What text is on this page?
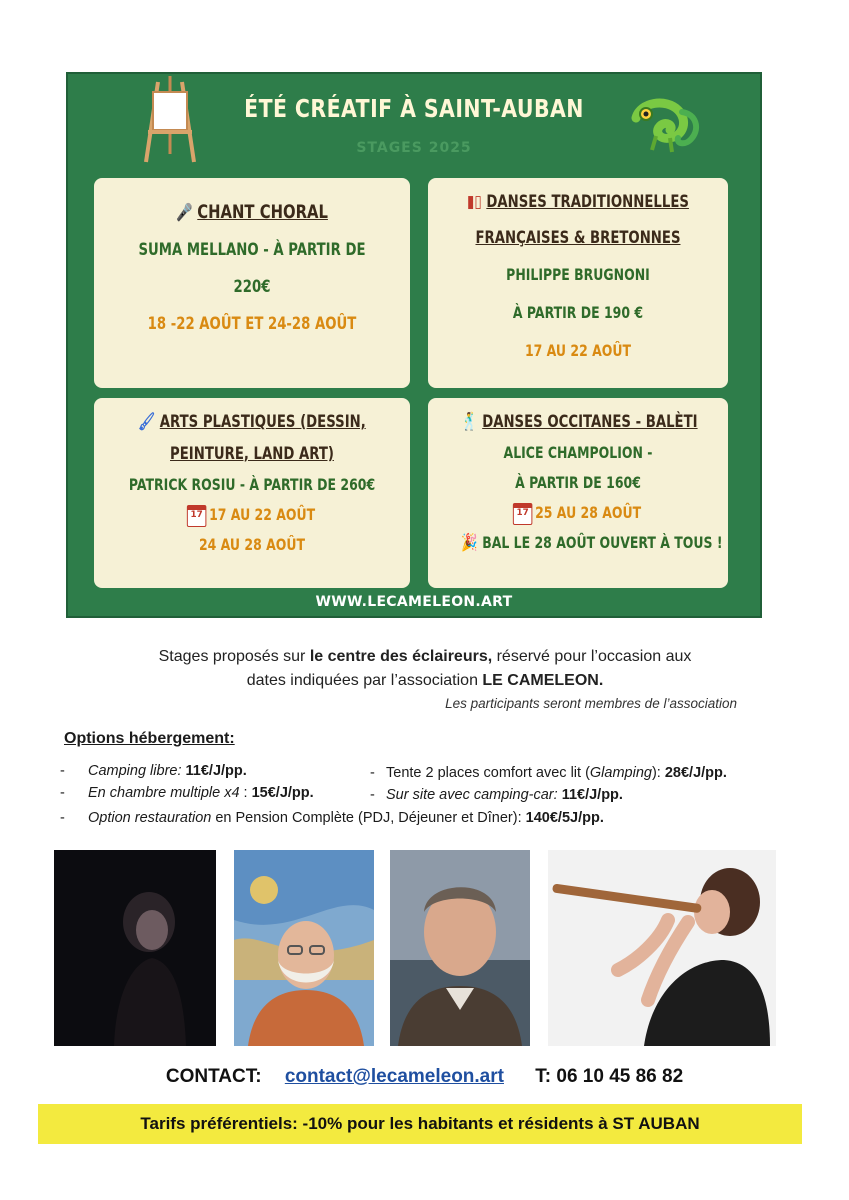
ÉTÉ CRÉATIF À SAINT-AUBAN
STAGES 2025
🎤 CHANT CHORAL
SUMA MELLANO - À PARTIR DE
220€
18 -22 AOÛT ET 24-28 AOÛT
▮▯ DANSES TRADITIONNELLES
FRANÇAISES & BRETONNES
PHILIPPE BRUGNONI
À PARTIR DE 190 €
17 AU 22 AOÛT
🖌 ARTS PLASTIQUES (DESSIN,
PEINTURE, LAND ART)
PATRICK ROSIU - À PARTIR DE 260€
17 17 AU 22 AOÛT
24 AU 28 AOÛT
🕺 DANSES OCCITANES - BALÈTI
ALICE CHAMPOLION -
À PARTIR DE 160€
17 25 AU 28 AOÛT
🎉 BAL LE 28 AOÛT OUVERT À TOUS !
WWW.LECAMELEON.ART
Stages proposés sur le centre des éclaireurs, réservé pour l’occasion aux
dates indiquées par l’association LE CAMELEON.
Les participants seront membres de l’association
Options hébergement:
- Camping libre: 11€/J/pp.
- En chambre multiple x4 : 15€/J/pp.
- Tente 2 places comfort avec lit (Glamping): 28€/J/pp.
- Sur site avec camping-car: 11€/J/pp.
- Option restauration en Pension Complète (PDJ, Déjeuner et Dîner): 140€/5J/pp.
CONTACT: contact@lecameleon.art T: 06 10 45 86 82
Tarifs préférentiels: -10% pour les habitants et résidents à ST AUBAN
